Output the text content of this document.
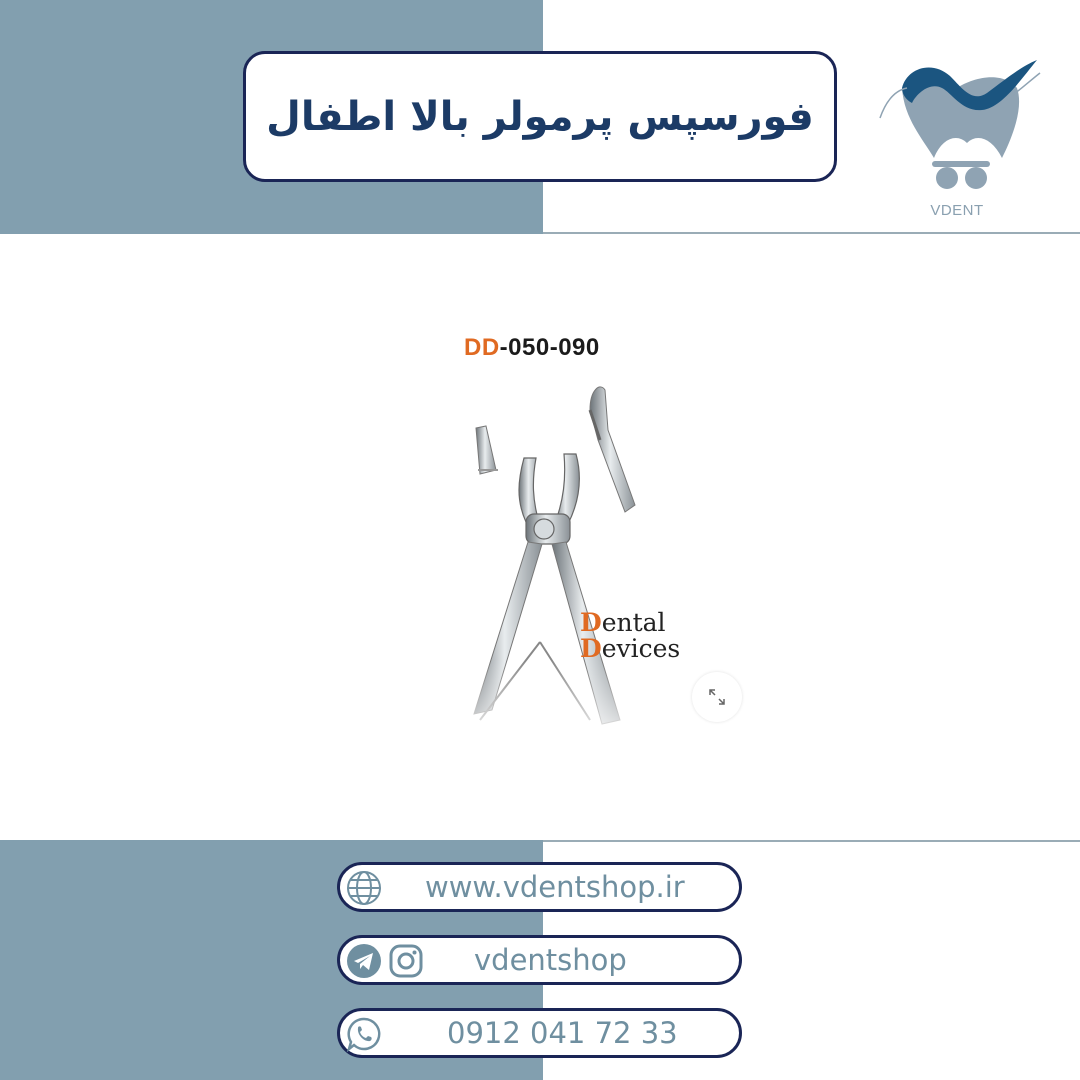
فورسپس پرمولر بالا اطفال
VDENT
DD-050-090
Dental
Devices
www.vdentshop.ir
vdentshop
0912 041 72 33
